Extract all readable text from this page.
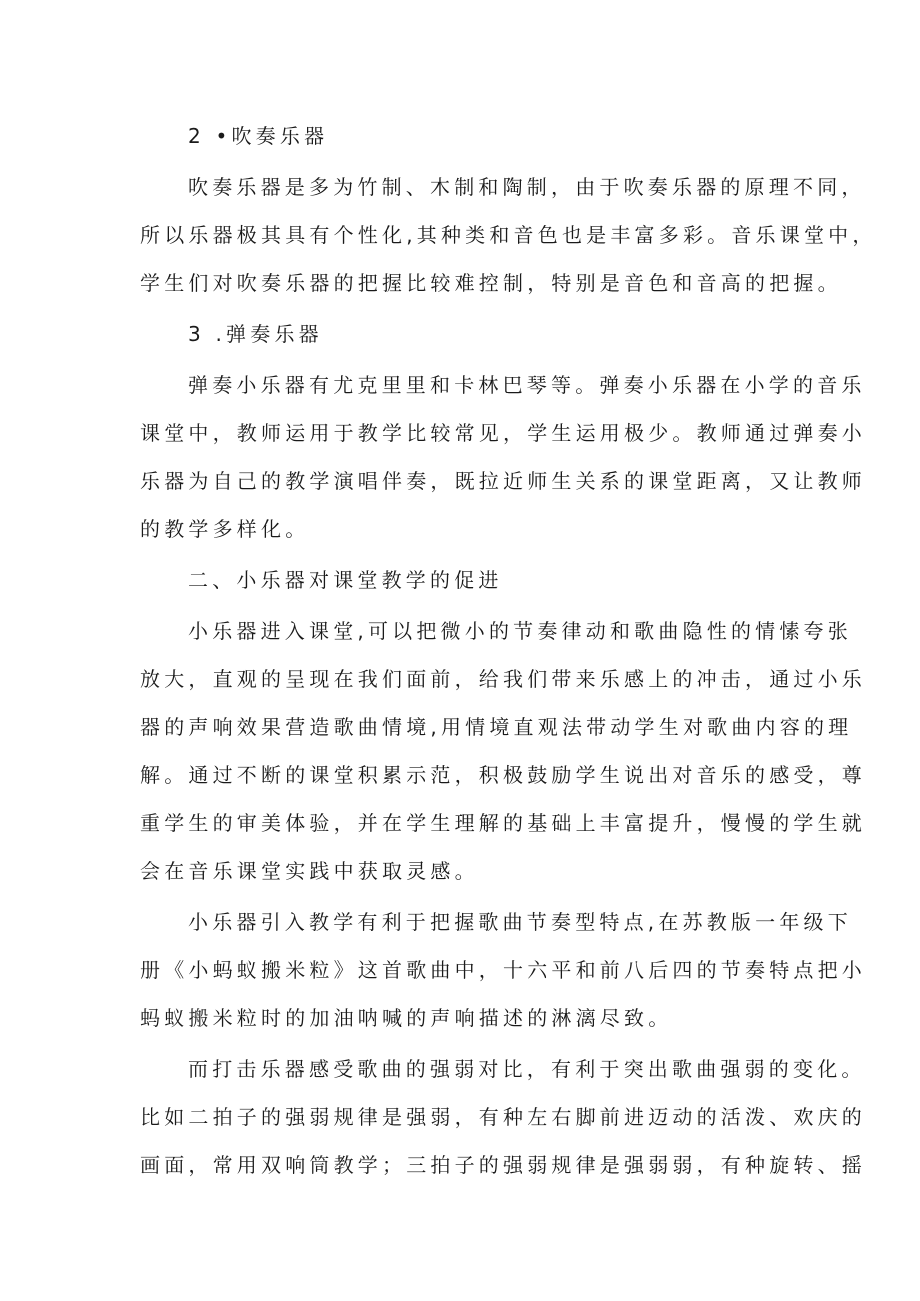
2 •吹奏乐器
吹奏乐器是多为竹制、木制和陶制，由于吹奏乐器的原理不同，
所以乐器极其具有个性化,其种类和音色也是丰富多彩。音乐课堂中，
学生们对吹奏乐器的把握比较难控制，特别是音色和音高的把握。
3 .弹奏乐器
弹奏小乐器有尤克里里和卡林巴琴等。弹奏小乐器在小学的音乐
课堂中，教师运用于教学比较常见，学生运用极少。教师通过弹奏小
乐器为自己的教学演唱伴奏，既拉近师生关系的课堂距离，又让教师
的教学多样化。
二、小乐器对课堂教学的促进
小乐器进入课堂,可以把微小的节奏律动和歌曲隐性的情愫夸张
放大，直观的呈现在我们面前，给我们带来乐感上的冲击，通过小乐
器的声响效果营造歌曲情境,用情境直观法带动学生对歌曲内容的理
解。通过不断的课堂积累示范，积极鼓励学生说出对音乐的感受，尊
重学生的审美体验，并在学生理解的基础上丰富提升，慢慢的学生就
会在音乐课堂实践中获取灵感。
小乐器引入教学有利于把握歌曲节奏型特点,在苏教版一年级下
册《小蚂蚁搬米粒》这首歌曲中，十六平和前八后四的节奏特点把小
蚂蚁搬米粒时的加油呐喊的声响描述的淋漓尽致。
而打击乐器感受歌曲的强弱对比，有利于突出歌曲强弱的变化。
比如二拍子的强弱规律是强弱，有种左右脚前进迈动的活泼、欢庆的
画面，常用双响筒教学；三拍子的强弱规律是强弱弱，有种旋转、摇
